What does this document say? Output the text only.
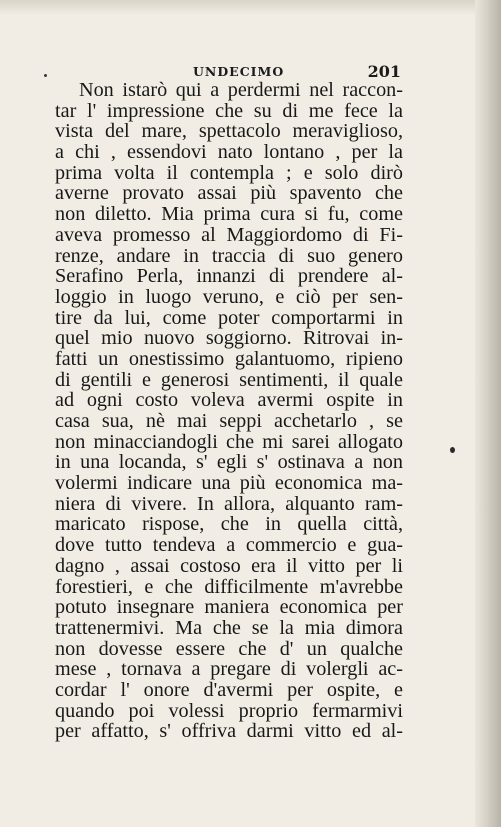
UNDECIMO	201
Non istarò qui a perdermi nel raccon-
tar l' impressione che su di me fece la
vista del mare, spettacolo meraviglioso,
a chi , essendovi nato lontano , per la
prima volta il contempla ; e solo dirò
averne provato assai più spavento che
non diletto. Mia prima cura si fu, come
aveva promesso al Maggiordomo di Fi-
renze, andare in traccia di suo genero
Serafino Perla, innanzi di prendere al-
loggio in luogo veruno, e ciò per sen-
tire da lui, come poter comportarmi in
quel mio nuovo soggiorno. Ritrovai in-
fatti un onestissimo galantuomo, ripieno
di gentili e generosi sentimenti, il quale
ad ogni costo voleva avermi ospite in
casa sua, nè mai seppi acchetarlo , se
non minacciandogli che mi sarei allogato
in una locanda, s' egli s' ostinava a non
volermi indicare una più economica ma-
niera di vivere. In allora, alquanto ram-
maricato rispose, che in quella città,
dove tutto tendeva a commercio e gua-
dagno , assai costoso era il vitto per li
forestieri, e che difficilmente m'avrebbe
potuto insegnare maniera economica per
trattenermivi. Ma che se la mia dimora
non dovesse essere che d' un qualche
mese , tornava a pregare di volergli ac-
cordar l' onore d'avermi per ospite, e
quando poi volessi proprio fermarmivi
per affatto, s' offriva darmi vitto ed al-
